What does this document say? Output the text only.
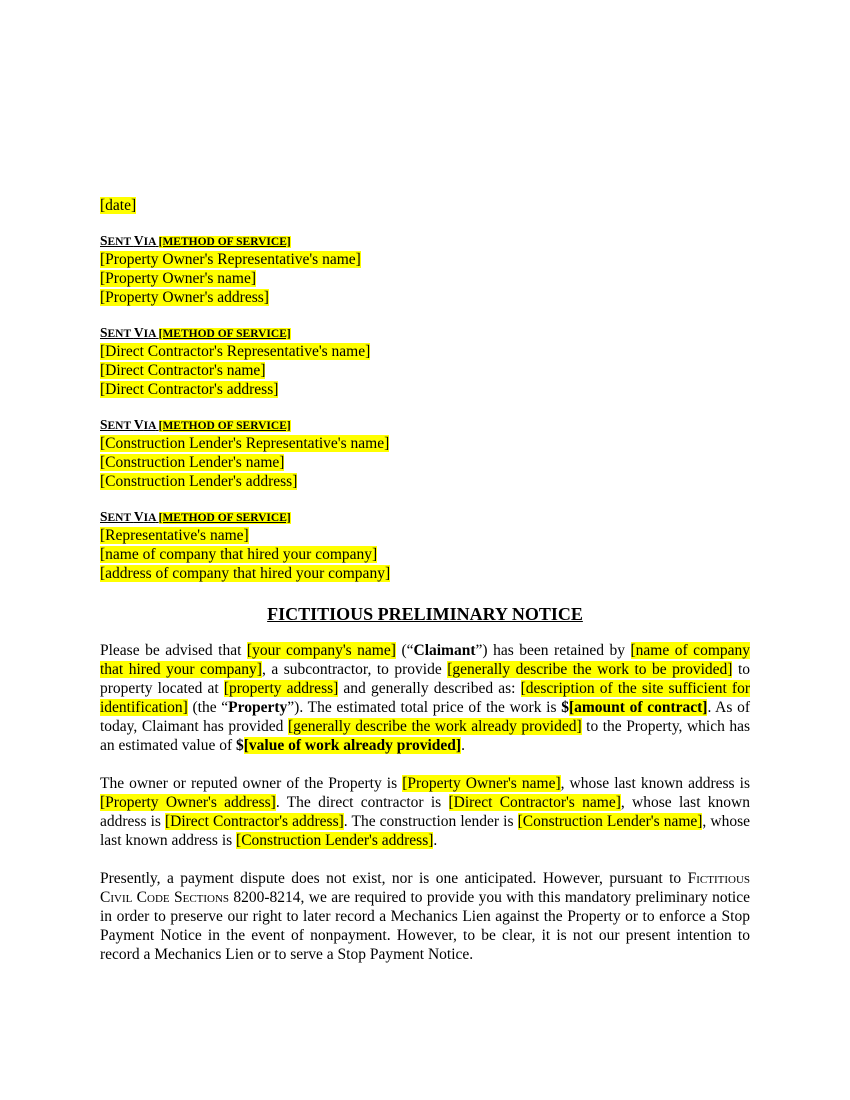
[date]
SENT VIA [METHOD OF SERVICE]
[Property Owner's Representative's name]
[Property Owner's name]
[Property Owner's address]
SENT VIA [METHOD OF SERVICE]
[Direct Contractor's Representative's name]
[Direct Contractor's name]
[Direct Contractor's address]
SENT VIA [METHOD OF SERVICE]
[Construction Lender's Representative's name]
[Construction Lender's name]
[Construction Lender's address]
SENT VIA [METHOD OF SERVICE]
[Representative's name]
[name of company that hired your company]
[address of company that hired your company]
FICTITIOUS PRELIMINARY NOTICE

Please be advised that [your company's name] (“Claimant”) has been retained by [name of company that hired your company], a subcontractor, to provide [generally describe the work to be provided] to property located at [property address] and generally described as: [description of the site sufficient for identification] (the “Property”). The estimated total price of the work is $[amount of contract]. As of today, Claimant has provided [generally describe the work already provided] to the Property, which has an estimated value of $[value of work already provided].

The owner or reputed owner of the Property is [Property Owner's name], whose last known address is [Property Owner's address]. The direct contractor is [Direct Contractor's name], whose last known address is [Direct Contractor's address]. The construction lender is [Construction Lender's name], whose last known address is [Construction Lender's address].

Presently, a payment dispute does not exist, nor is one anticipated. However, pursuant to Fictitious Civil Code Sections 8200-8214, we are required to provide you with this mandatory preliminary notice in order to preserve our right to later record a Mechanics Lien against the Property or to enforce a Stop Payment Notice in the event of nonpayment. However, to be clear, it is not our present intention to record a Mechanics Lien or to serve a Stop Payment Notice.
